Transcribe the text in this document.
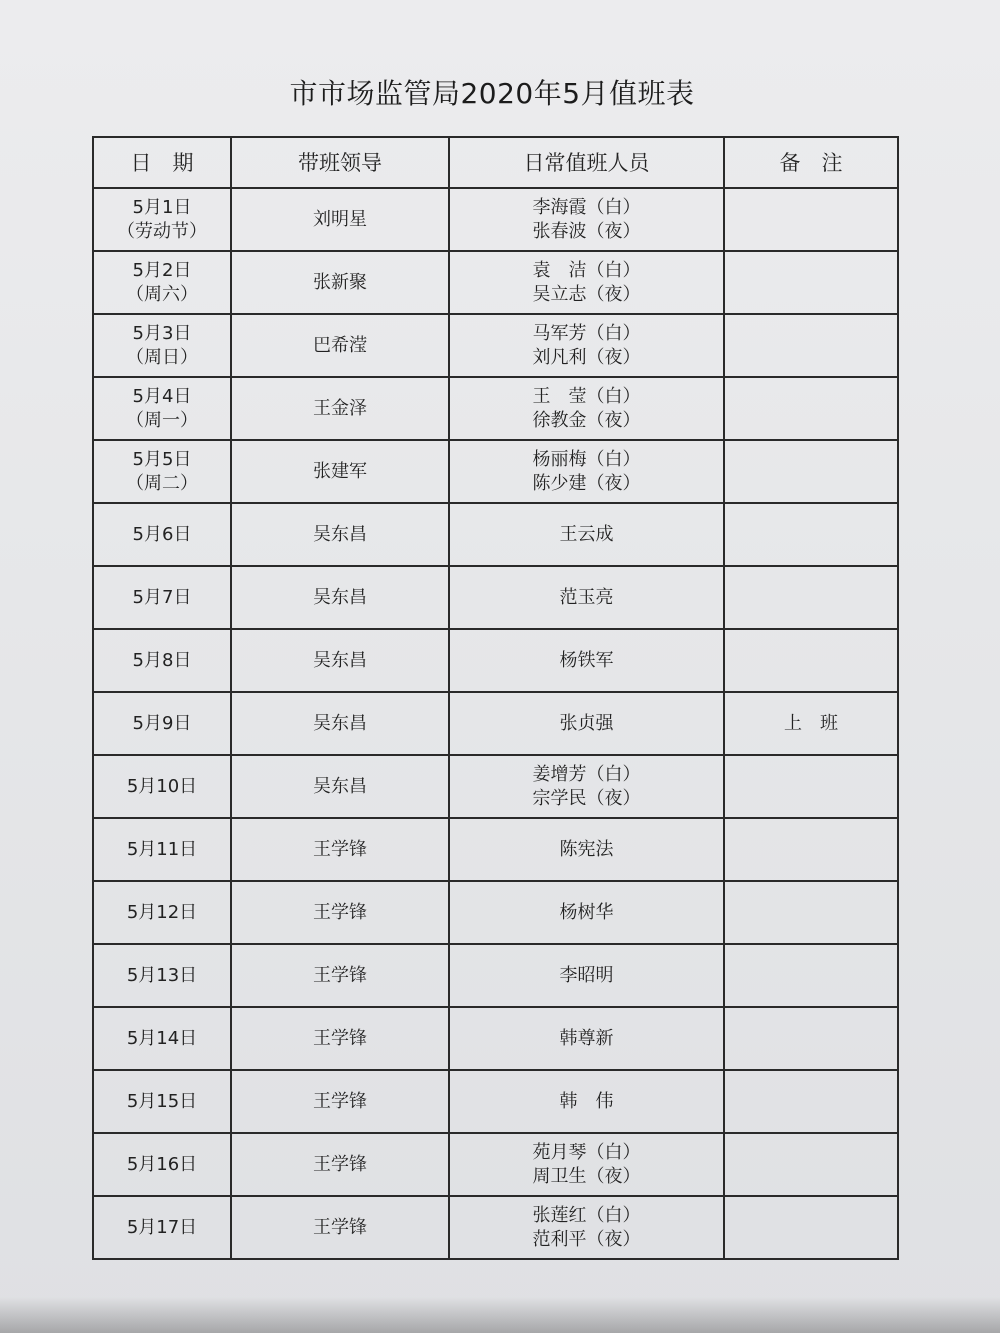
市市场监管局2020年5月值班表
日　期	带班领导	日常值班人员	备　注

5月1日
（劳动节）	刘明星	李海霞（白）
张春波（夜）	

5月2日
（周六）	张新聚	袁　洁（白）
吴立志（夜）	

5月3日
（周日）	巴希滢	马军芳（白）
刘凡利（夜）	

5月4日
（周一）	王金泽	王　莹（白）
徐教金（夜）	

5月5日
（周二）	张建军	杨丽梅（白）
陈少建（夜）	

5月6日	吴东昌	王云成	

5月7日	吴东昌	范玉亮	

5月8日	吴东昌	杨铁军	

5月9日	吴东昌	张贞强	上　班

5月10日	吴东昌	姜增芳（白）
宗学民（夜）	

5月11日	王学锋	陈宪法	

5月12日	王学锋	杨树华	

5月13日	王学锋	李昭明	

5月14日	王学锋	韩尊新	

5月15日	王学锋	韩　伟	

5月16日	王学锋	苑月琴（白）
周卫生（夜）	

5月17日	王学锋	张莲红（白）
范利平（夜）	
